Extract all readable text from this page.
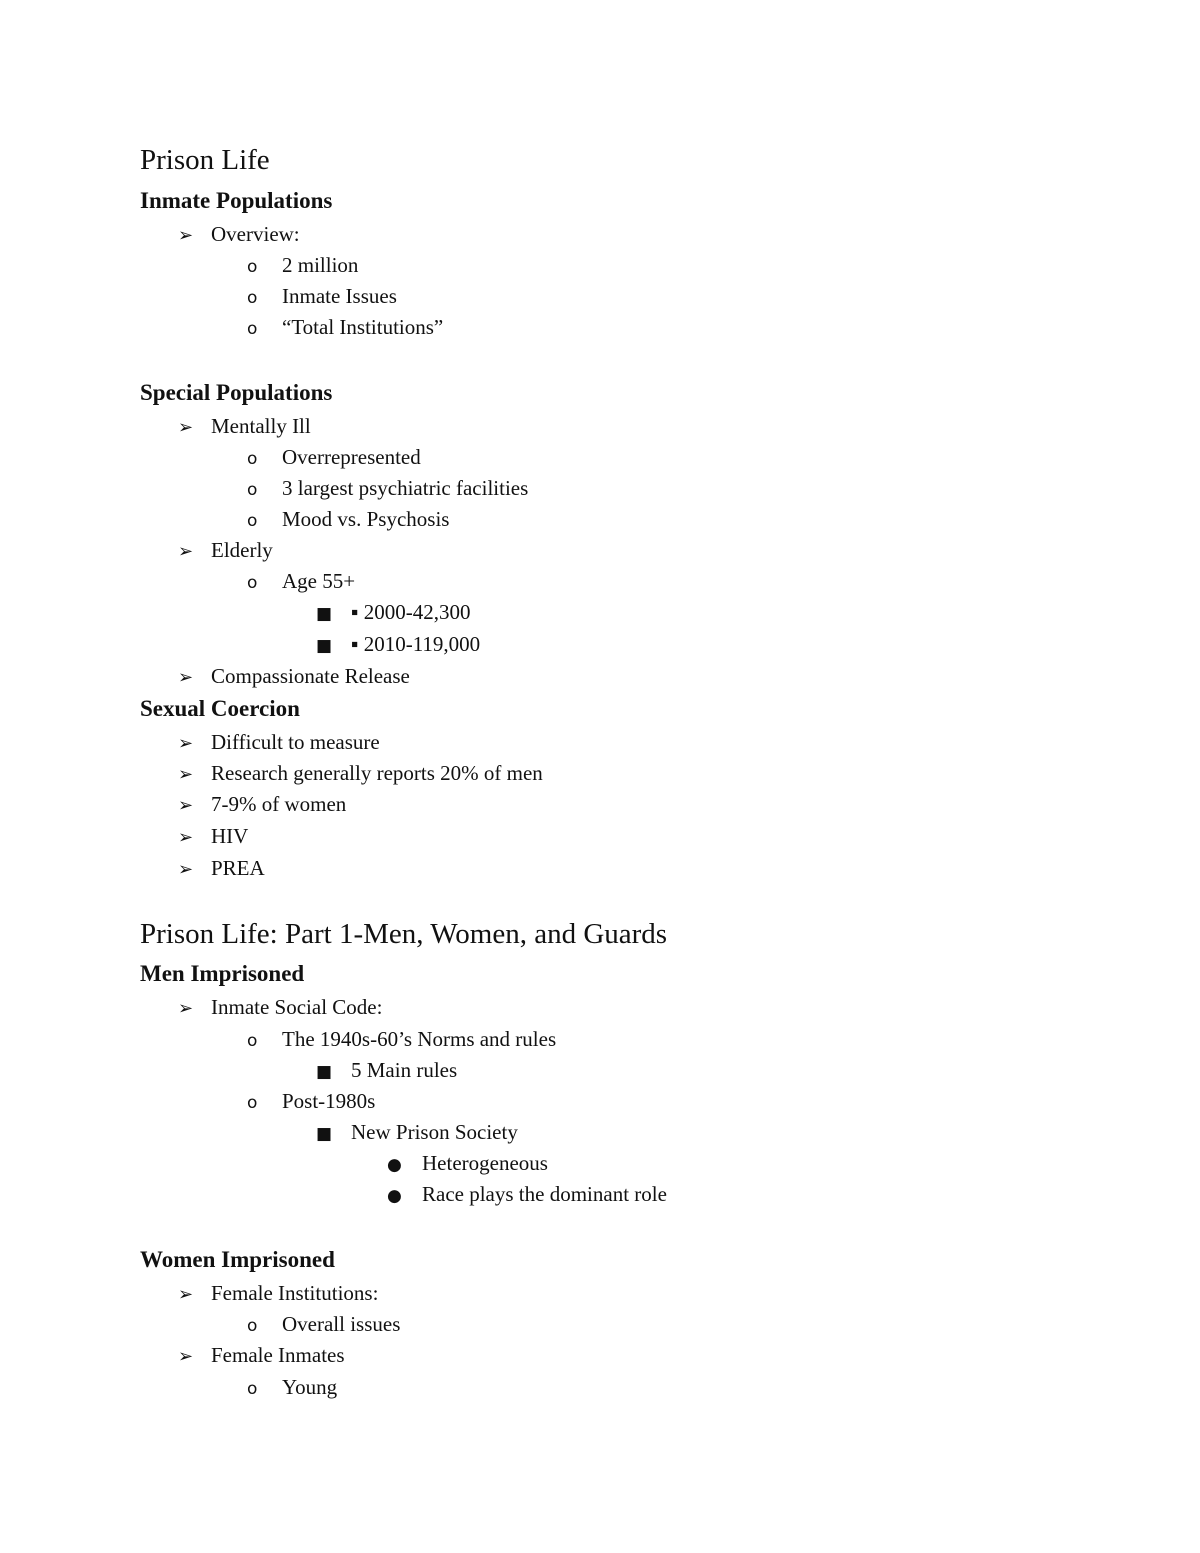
Prison Life
Inmate Populations
➢ Overview:
o 2 million
o Inmate Issues
o “Total Institutions”
Special Populations
➢ Mentally Ill
o Overrepresented
o 3 largest psychiatric facilities
o Mood vs. Psychosis
➢ Elderly
o Age 55+
■ ▪ 2000-42,300
■ ▪ 2010-119,000
➢ Compassionate Release
Sexual Coercion
➢ Difficult to measure
➢ Research generally reports 20% of men
➢ 7-9% of women
➢ HIV
➢ PREA
Prison Life: Part 1-Men, Women, and Guards
Men Imprisoned
➢ Inmate Social Code:
o The 1940s-60’s Norms and rules
■ 5 Main rules
o Post-1980s
■ New Prison Society
● Heterogeneous
● Race plays the dominant role
Women Imprisoned
➢ Female Institutions:
o Overall issues
➢ Female Inmates
o Young
